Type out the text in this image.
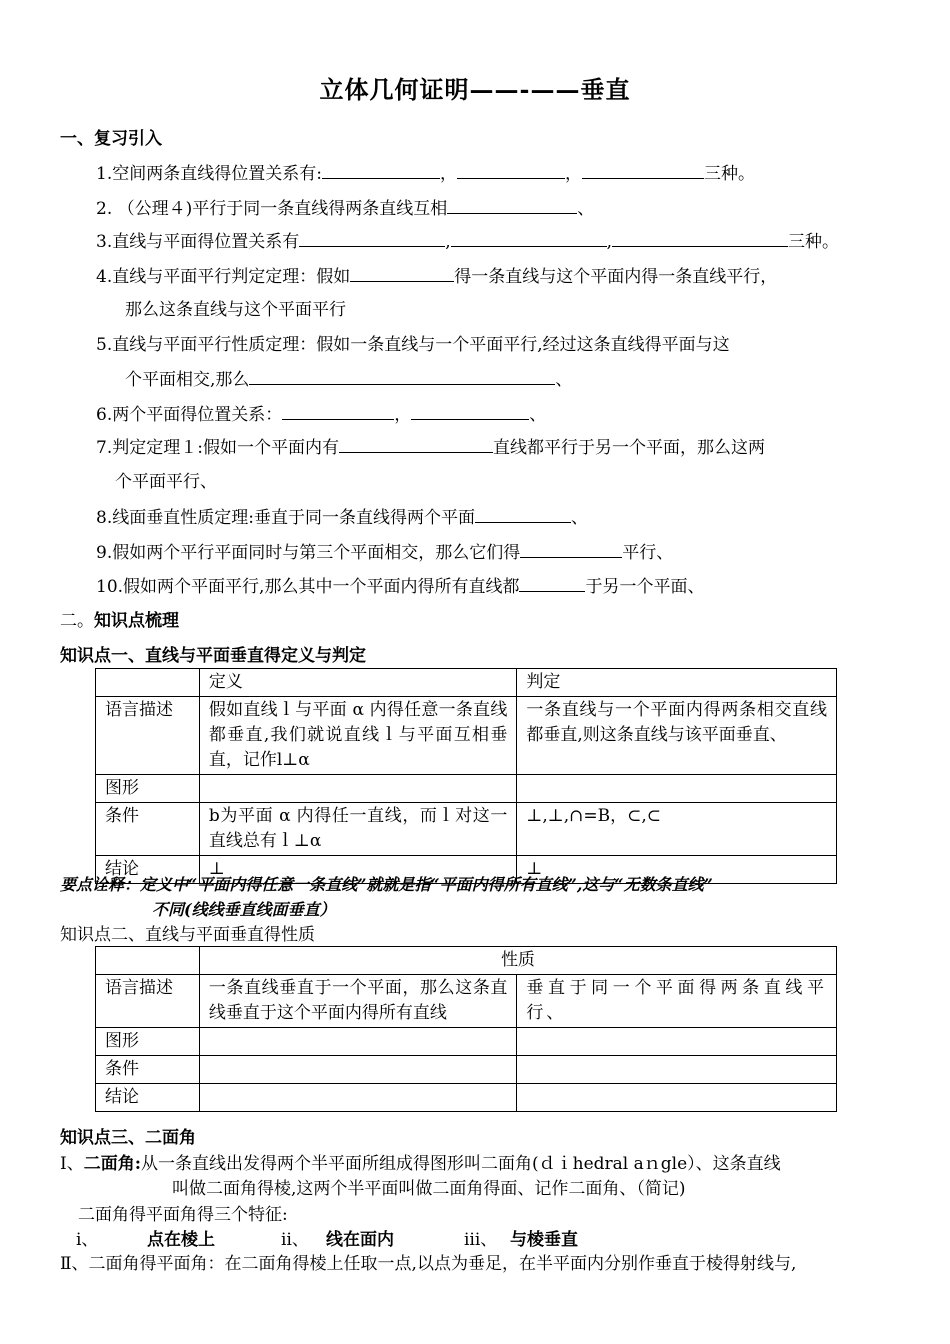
立体几何证明——-——垂直
一、复习引入
1.空间两条直线得位置关系有:	，	，	三种。
2. （公理４)平行于同一条直线得两条直线互相	、
3.直线与平面得位置关系有	,	,	三种。
4.直线与平面平行判定定理：假如	得一条直线与这个平面内得一条直线平行，
那么这条直线与这个平面平行
5.直线与平面平行性质定理：假如一条直线与一个平面平行,经过这条直线得平面与这
个平面相交,那么	、
6.两个平面得位置关系：	，	、
7.判定定理１:假如一个平面内有	直线都平行于另一个平面，那么这两
个平面平行、
8.线面垂直性质定理:垂直于同一条直线得两个平面	、
9.假如两个平行平面同时与第三个平面相交，那么它们得	平行、
10.假如两个平面平行,那么其中一个平面内得所有直线都	于另一个平面、
二。知识点梳理
知识点一、直线与平面垂直得定义与判定
	定义	判定
语言描述	假如直线ｌ与平面 α 内得任意一条直线都垂直,我们就说直线ｌ与平面互相垂直，记作l⊥α	一条直线与一个平面内得两条相交直线都垂直,则这条直线与该平面垂直、
图形		
条件	b为平面 α 内得任一直线，而ｌ对这一直线总有ｌ⊥α	⊥,⊥,∩=B，⊂,⊂
结论	⊥	⊥
要点诠释：定义中“平面内得任意一条直线”就就是指“平面内得所有直线”,这与“无数条直线”
不同(线线垂直线面垂直）
知识点二、直线与平面垂直得性质
	性质	
语言描述	一条直线垂直于一个平面，那么这条直线垂直于这个平面内得所有直线	垂直于同一个平面得两条直线平行、
图形		
条件		
结论		
知识点三、二面角
Ⅰ、二面角:从一条直线出发得两个半平面所组成得图形叫二面角(ｄｉhedral aｎgle）、这条直线
叫做二面角得棱,这两个半平面叫做二面角得面、记作二面角、（简记)
二面角得平面角得三个特征:
ⅰ、	点在棱上	ⅱ、 线在面内	ⅲ、 与棱垂直
Ⅱ、二面角得平面角：在二面角得棱上任取一点,以点为垂足，在半平面内分别作垂直于棱得射线与,
